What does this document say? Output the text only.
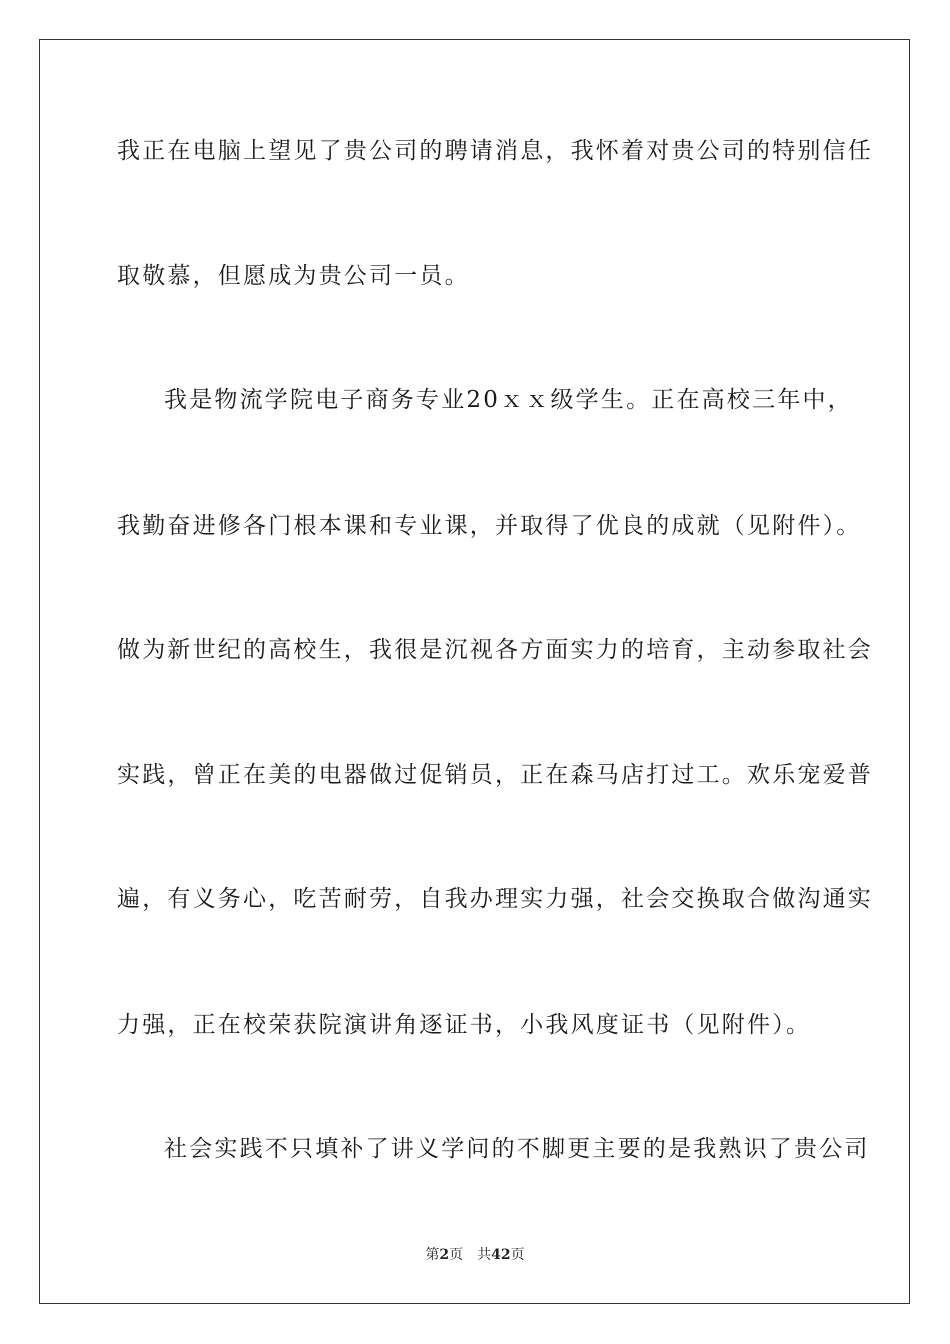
我正在电脑上望见了贵公司的聘请消息，我怀着对贵公司的特别信任
取敬慕，但愿成为贵公司一员。
我是物流学院电子商务专业20ｘｘ级学生。正在高校三年中，
我勤奋进修各门根本课和专业课，并取得了优良的成就（见附件）。
做为新世纪的高校生，我很是沉视各方面实力的培育，主动参取社会
实践，曾正在美的电器做过促销员，正在森马店打过工。欢乐宠爱普
遍，有义务心，吃苦耐劳，自我办理实力强，社会交换取合做沟通实
力强，正在校荣获院演讲角逐证书，小我风度证书（见附件）。
社会实践不只填补了讲义学问的不脚更主要的是我熟识了贵公司
第2页 共42页
